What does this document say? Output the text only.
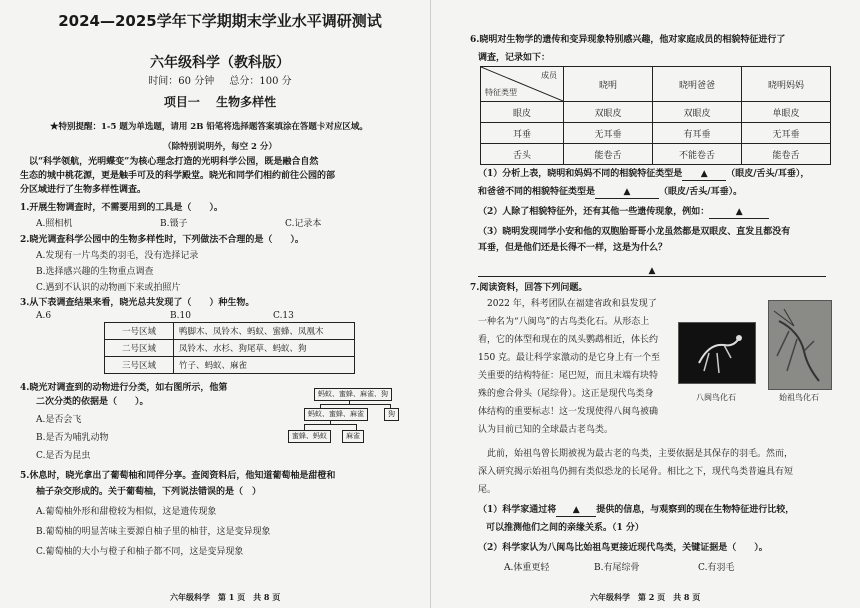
2024—2025学年下学期期末学业水平调研测试
六年级科学（教科版）
时间：60 分钟 总分：100 分
项目一　 生物多样性
★特别提醒：1-5 题为单选题，请用 2B 铅笔将选择题答案填涂在答题卡对应区域。
（除特别说明外，每空 2 分）
　以“科学领航，光明蝶变”为核心理念打造的光明科学公园，既是融合自然
生态的城中桃花源，更是触手可及的科学殿堂。晓光和同学们相约前往公园的部
分区域进行了生物多样性调查。
1.开展生物调查时，不需要用到的工具是（　　）。
A.照相机	B.镊子	C.记录本
2.晓光调查科学公园中的生物多样性时，下列做法不合理的是（　　）。
A.发现有一片鸟类的羽毛，没有选择记录
B.选择感兴趣的生物重点调查
C.遇到不认识的动物画下来或拍照片
3.从下表调查结果来看，晓光总共发现了（　　）种生物。
A.6	B.10	C.13
一号区域	鸭脚木、凤铃木、蚂蚁、蜜蜂、凤凰木
二号区域	凤铃木、水杉、狗尾草、蚂蚁、狗
三号区域	竹子、蚂蚁、麻雀
4.晓光对调查到的动物进行分类，如右图所示，他第
二次分类的依据是（　　）。
A.是否会飞
B.是否为哺乳动物
C.是否为昆虫
蚂蚁、蜜蜂、麻雀、狗
蚂蚁、蜜蜂、麻雀	狗
蜜蜂、蚂蚁	麻雀
5.休息时，晓光拿出了葡萄柚和同伴分享。查阅资料后，他知道葡萄柚是甜橙和
柚子杂交形成的。关于葡萄柚，下列说法错误的是（　）
A.葡萄柚外形和甜橙较为相似，这是遗传现象
B.葡萄柚的明显苦味主要源自柚子里的柚苷，这是变异现象
C.葡萄柚的大小与橙子和柚子都不同，这是变异现象
六年级科学　第 1 页　共 8 页
6.晓明对生物学的遗传和变异现象特别感兴趣，他对家庭成员的相貌特征进行了
调查，记录如下：
成员
特征类型	晓明	晓明爸爸	晓明妈妈
眼皮	双眼皮	双眼皮	单眼皮
耳垂	无耳垂	有耳垂	无耳垂
舌头	能卷舌	不能卷舌	能卷舌
（1）分析上表，晓明和妈妈不同的相貌特征类型是 ▲ （眼皮/舌头/耳垂），
和爸爸不同的相貌特征类型是	▲	（眼皮/舌头/耳垂）。
（2）人除了相貌特征外，还有其他一些遗传现象，例如：	▲
（3）晓明发现同学小安和他的双胞胎哥哥小龙虽然都是双眼皮、直发且都没有
耳垂，但是他们还是长得不一样，这是为什么？
▲
7.阅读资料，回答下列问题。
　2022 年，科考团队在福建省政和县发现了
一种名为“八闽鸟”的古鸟类化石。从形态上
看，它的体型和现在的凤头鹦鹉相近，体长约
150 克。最让科学家激动的是它身上有一个至
关重要的结构特征：尾巴短，而且末端有块特
殊的愈合骨头（尾综骨）。这正是现代鸟类身
体结构的重要标志！这一发现使得八闽鸟被确
认为目前已知的全球最古老鸟类。
八闽鸟化石	始祖鸟化石
　此前，始祖鸟曾长期被视为最古老的鸟类，主要依据是其保存的羽毛。然而，
深入研究揭示始祖鸟仍拥有类似恐龙的长尾骨。相比之下，现代鸟类普遍具有短
尾。
（1）科学家通过将 ▲ 提供的信息，与观察到的现在生物特征进行比较，
可以推测他们之间的亲缘关系。（1 分）
（2）科学家认为八闽鸟比始祖鸟更接近现代鸟类，关键证据是（　　）。
A.体重更轻	B.有尾综骨	C.有羽毛
六年级科学　第 2 页　共 8 页
